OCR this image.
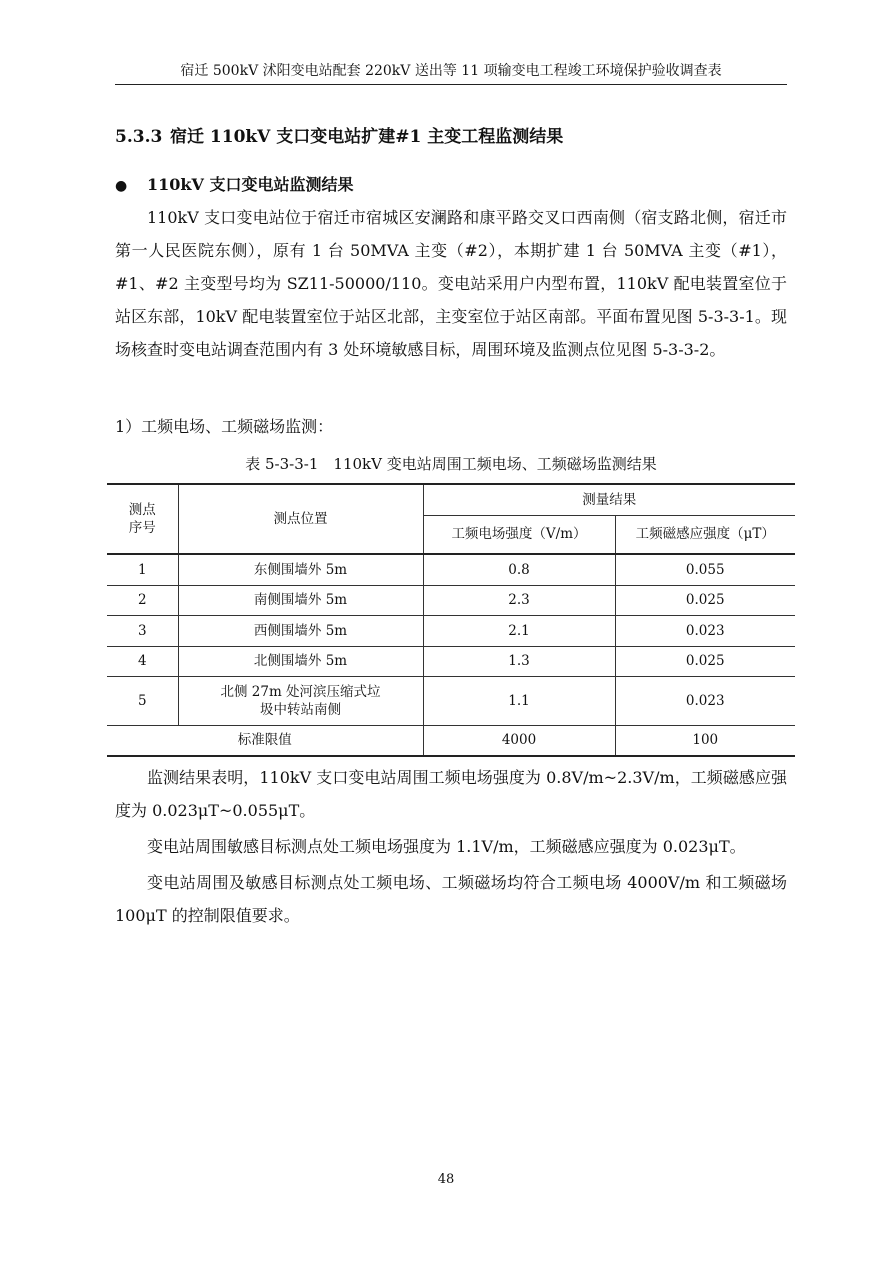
宿迁 500kV 沭阳变电站配套 220kV 送出等 11 项输变电工程竣工环境保护验收调查表
5.3.3 宿迁 110kV 支口变电站扩建#1 主变工程监测结果
● 110kV 支口变电站监测结果

110kV 支口变电站位于宿迁市宿城区安澜路和康平路交叉口西南侧（宿支路北侧，宿迁市第一人民医院东侧），原有 1 台 50MVA 主变（#2），本期扩建 1 台 50MVA 主变（#1），#1、#2 主变型号均为 SZ11-50000/110。变电站采用户内型布置，110kV 配电装置室位于站区东部，10kV 配电装置室位于站区北部，主变室位于站区南部。平面布置见图 5-3-3-1。现场核查时变电站调查范围内有 3 处环境敏感目标，周围环境及监测点位见图 5-3-3-2。

1）工频电场、工频磁场监测：
表 5-3-3-1　110kV 变电站周围工频电场、工频磁场监测结果
测点
序号	测点位置	测量结果	
		工频电场强度（V/m）	工频磁感应强度（μT）
1	东侧围墙外 5m	0.8	0.055
2	南侧围墙外 5m	2.3	0.025
3	西侧围墙外 5m	2.1	0.023
4	北侧围墙外 5m	1.3	0.025
5	北侧 27m 处河滨压缩式垃圾中转站南侧	1.1	0.023
标准限值		4000	100

监测结果表明，110kV 支口变电站周围工频电场强度为 0.8V/m~2.3V/m，工频磁感应强度为 0.023μT~0.055μT。

变电站周围敏感目标测点处工频电场强度为 1.1V/m，工频磁感应强度为 0.023μT。

变电站周围及敏感目标测点处工频电场、工频磁场均符合工频电场 4000V/m 和工频磁场 100μT 的控制限值要求。

48
